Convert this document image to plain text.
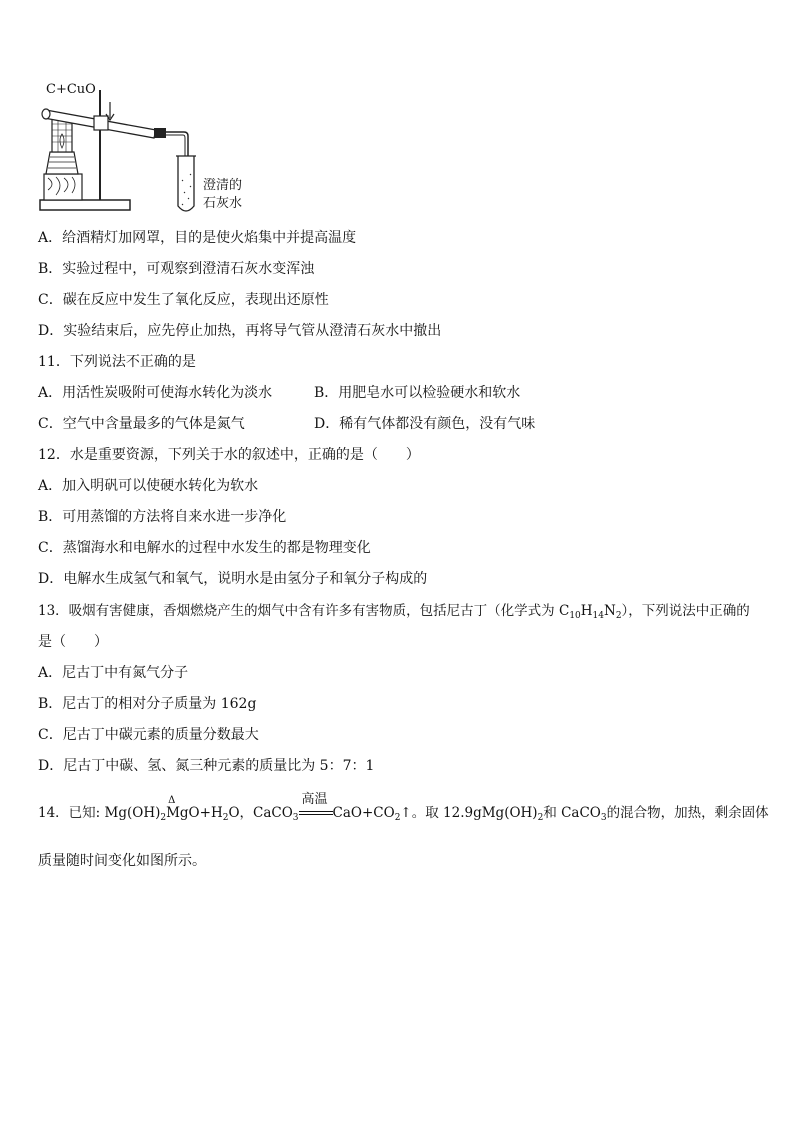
C+CuO
澄清的
石灰水
A．给酒精灯加网罩，目的是使火焰集中并提高温度
B．实验过程中，可观察到澄清石灰水变浑浊
C．碳在反应中发生了氧化反应，表现出还原性
D．实验结束后，应先停止加热，再将导气管从澄清石灰水中撤出
11．下列说法不正确的是
A．用活性炭吸附可使海水转化为淡水	B．用肥皂水可以检验硬水和软水
C．空气中含量最多的气体是氮气	D．稀有气体都没有颜色，没有气味
12．水是重要资源，下列关于水的叙述中，正确的是（　　）
A．加入明矾可以使硬水转化为软水
B．可用蒸馏的方法将自来水进一步净化
C．蒸馏海水和电解水的过程中水发生的都是物理变化
D．电解水生成氢气和氧气，说明水是由氢分子和氧分子构成的
13．吸烟有害健康，香烟燃烧产生的烟气中含有许多有害物质，包括尼古丁（化学式为 $C_{10}H_{14}N_2$），下列说法中正确的
是（　　）
A．尼古丁中有氮气分子
B．尼古丁的相对分子质量为 162g
C．尼古丁中碳元素的质量分数最大
D．尼古丁中碳、氢、氮三种元素的质量比为 5：7：1
14．已知: $Mg(OH)_2$
Δ
$MgO+H_2O$，CaCO$_3$
高温
$CaO+CO_2↑$。取 $12.9gMg(OH)_2$和 CaCO$_3$的混合物，加热，剩余固体
质量随时间变化如图所示。
